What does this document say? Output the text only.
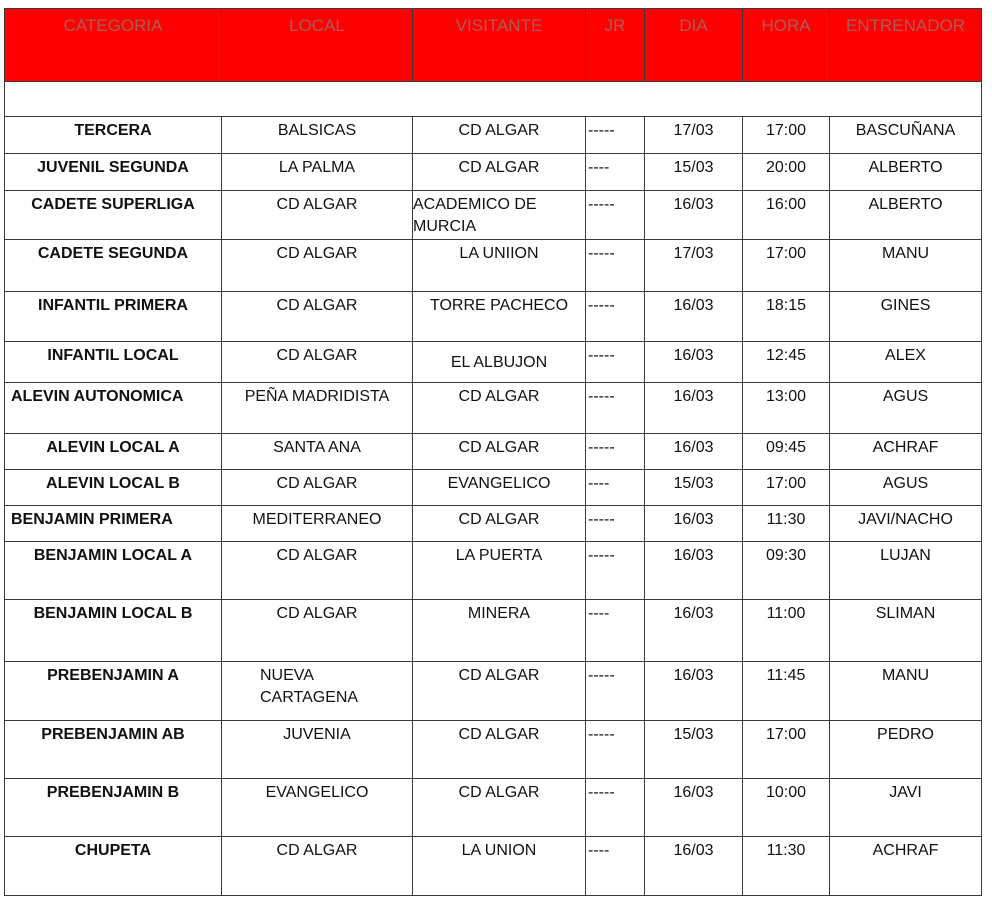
CATEGORIA	LOCAL	VISITANTE	JR	DIA	HORA	ENTRENADOR

TERCERA	BALSICAS	CD ALGAR	-----	17/03	17:00	BASCUÑANA
JUVENIL SEGUNDA	LA PALMA	CD ALGAR	----	15/03	20:00	ALBERTO
CADETE SUPERLIGA	CD ALGAR	ACADEMICO DE MURCIA	-----	16/03	16:00	ALBERTO
CADETE SEGUNDA	CD ALGAR	LA UNIION	-----	17/03	17:00	MANU
INFANTIL PRIMERA	CD ALGAR	TORRE PACHECO	-----	16/03	18:15	GINES
INFANTIL LOCAL	CD ALGAR	EL ALBUJON	-----	16/03	12:45	ALEX
ALEVIN AUTONOMICA	PEÑA MADRIDISTA	CD ALGAR	-----	16/03	13:00	AGUS
ALEVIN LOCAL A	SANTA ANA	CD ALGAR	-----	16/03	09:45	ACHRAF
ALEVIN LOCAL B	CD ALGAR	EVANGELICO	----	15/03	17:00	AGUS
BENJAMIN PRIMERA	MEDITERRANEO	CD ALGAR	-----	16/03	11:30	JAVI/NACHO
BENJAMIN LOCAL A	CD ALGAR	LA PUERTA	-----	16/03	09:30	LUJAN
BENJAMIN LOCAL B	CD ALGAR	MINERA	----	16/03	11:00	SLIMAN
PREBENJAMIN A	NUEVA CARTAGENA	CD ALGAR	-----	16/03	11:45	MANU
PREBENJAMIN AB	JUVENIA	CD ALGAR	-----	15/03	17:00	PEDRO
PREBENJAMIN B	EVANGELICO	CD ALGAR	-----	16/03	10:00	JAVI
CHUPETA	CD ALGAR	LA UNION	----	16/03	11:30	ACHRAF
